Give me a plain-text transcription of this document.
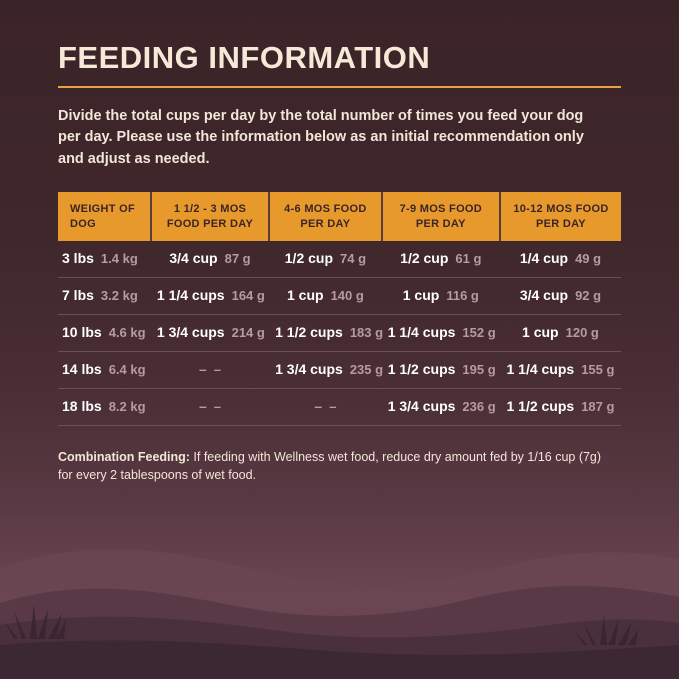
FEEDING INFORMATION

Divide the total cups per day by the total number of times you feed your dog per day. Please use the information below as an initial recommendation only and adjust as needed.

WEIGHT OF DOG	1 1/2 - 3 MOS FOOD PER DAY	4-6 MOS FOOD PER DAY	7-9 MOS FOOD PER DAY	10-12 MOS FOOD PER DAY
3 lbs 1.4 kg	3/4 cup 87 g	1/2 cup 74 g	1/2 cup 61 g	1/4 cup 49 g
7 lbs 3.2 kg	1 1/4 cups 164 g	1 cup 140 g	1 cup 116 g	3/4 cup 92 g
10 lbs 4.6 kg	1 3/4 cups 214 g	1 1/2 cups 183 g	1 1/4 cups 152 g	1 cup 120 g
14 lbs 6.4 kg	– –	1 3/4 cups 235 g	1 1/2 cups 195 g	1 1/4 cups 155 g
18 lbs 8.2 kg	– –	– –	1 3/4 cups 236 g	1 1/2 cups 187 g

Combination Feeding: If feeding with Wellness wet food, reduce dry amount fed by 1/16 cup (7g) for every 2 tablespoons of wet food.
